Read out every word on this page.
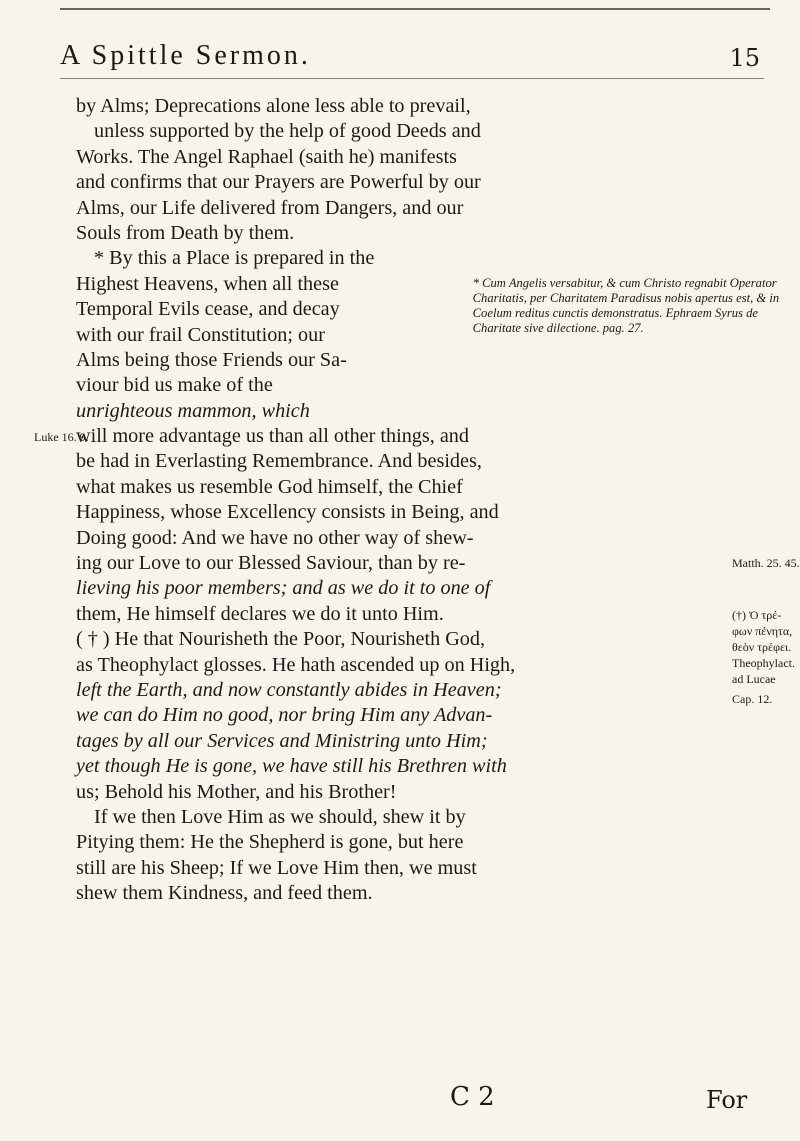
A Spittle Sermon.	15
by Alms; Deprecations alone less able to prevail,
unless supported by the help of good Deeds and
Works. The Angel Raphael (saith he) manifests
and confirms that our Prayers are Powerful by our
Alms, our Life delivered from Dangers, and our
Souls from Death by them.
* By this a Place is prepared in the
Highest Heavens, when all these
Temporal Evils cease, and decay
with our frail Constitution; our
Alms being those Friends our Sa-
viour bid us make of the
unrighteous mammon, which
* Cum Angelis versabitur, & cum Christo regnabit Operator Charitatis, per Charitatem Paradisus nobis apertus est, & in Coelum reditus cunctis demonstratus. Ephraem Syrus de Charitate sive dilectione. pag. 27.
will more advantage us than all other things, and
be had in Everlasting Remembrance. And besides,
what makes us resemble God himself, the Chief
Happiness, whose Excellency consists in Being, and
Doing good: And we have no other way of shew-
ing our Love to our Blessed Saviour, than by re-
lieving his poor members; and as we do it to one of
them, He himself declares we do it unto Him.
( † ) He that Nourisheth the Poor, Nourisheth God,
as Theophylact glosses. He hath ascended up on High,
left the Earth, and now constantly abides in Heaven;
we can do Him no good, nor bring Him any Advan-
tages by all our Services and Ministring unto Him;
yet though He is gone, we have still his Brethren with
us; Behold his Mother, and his Brother!
If we then Love Him as we should, shew it by
Pitying them: He the Shepherd is gone, but here
still are his Sheep; If we Love Him then, we must
shew them Kindness, and feed them.
Luke 16. 9.
Matth. 25. 45.
(†) Ὁ τρέ-
φων πένητα,
θεὸν τρέφει.
Theophylact.
ad Lucae
Cap. 12.
C 2	For
